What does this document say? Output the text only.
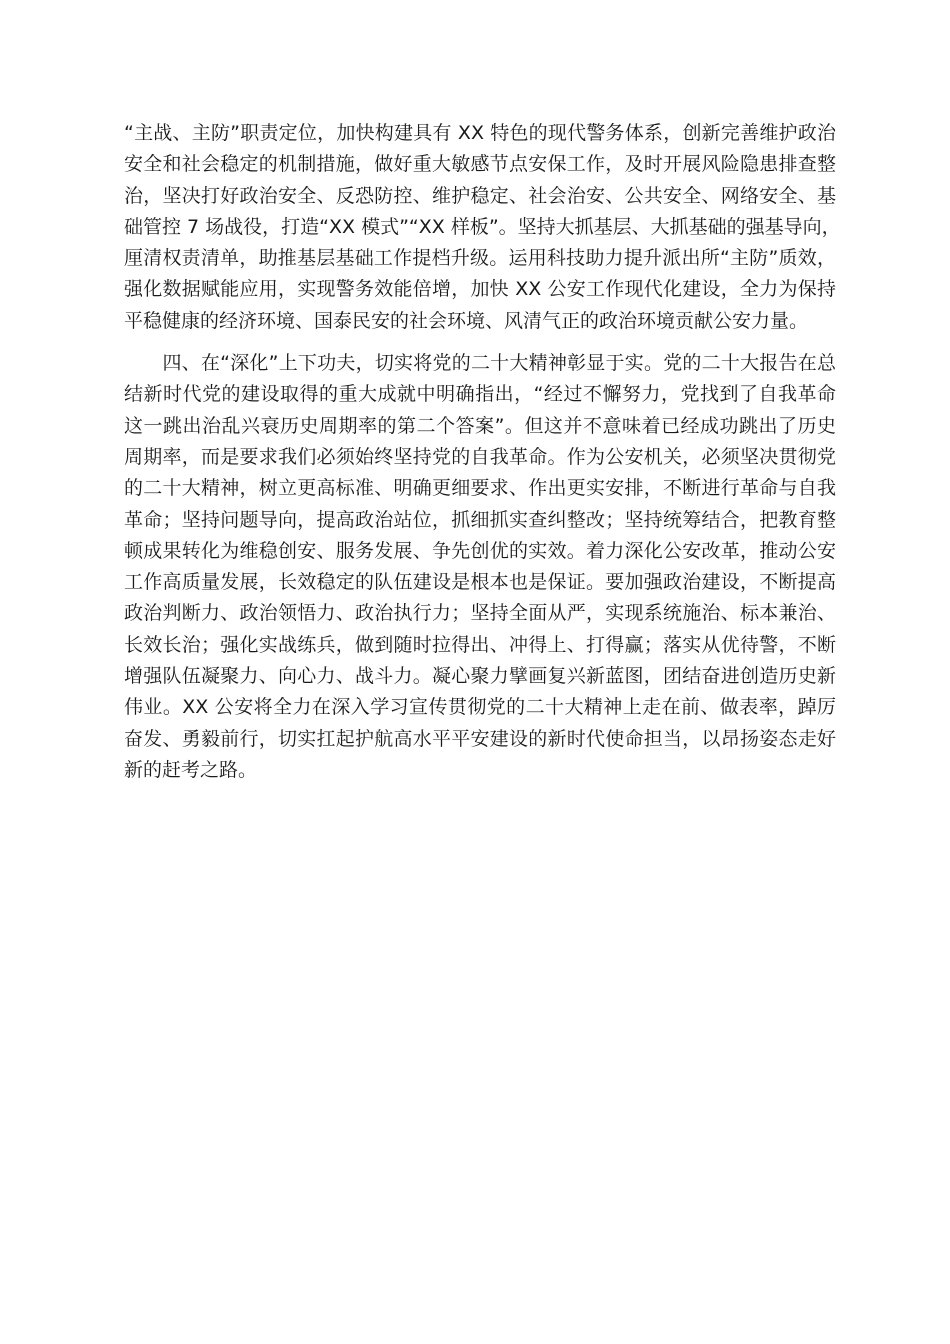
“主战、主防”职责定位，加快构建具有 XX 特色的现代警务体系，创新完善维护政治
安全和社会稳定的机制措施，做好重大敏感节点安保工作，及时开展风险隐患排查整
治，坚决打好政治安全、反恐防控、维护稳定、社会治安、公共安全、网络安全、基
础管控 7 场战役，打造“XX 模式”“XX 样板”。坚持大抓基层、大抓基础的强基导向，
厘清权责清单，助推基层基础工作提档升级。运用科技助力提升派出所“主防”质效，
强化数据赋能应用，实现警务效能倍增，加快 XX 公安工作现代化建设，全力为保持
平稳健康的经济环境、国泰民安的社会环境、风清气正的政治环境贡献公安力量。
　　四、在“深化”上下功夫，切实将党的二十大精神彰显于实。党的二十大报告在总
结新时代党的建设取得的重大成就中明确指出，“经过不懈努力，党找到了自我革命
这一跳出治乱兴衰历史周期率的第二个答案”。但这并不意味着已经成功跳出了历史
周期率，而是要求我们必须始终坚持党的自我革命。作为公安机关，必须坚决贯彻党
的二十大精神，树立更高标准、明确更细要求、作出更实安排，不断进行革命与自我
革命；坚持问题导向，提高政治站位，抓细抓实查纠整改；坚持统筹结合，把教育整
顿成果转化为维稳创安、服务发展、争先创优的实效。着力深化公安改革，推动公安
工作高质量发展，长效稳定的队伍建设是根本也是保证。要加强政治建设，不断提高
政治判断力、政治领悟力、政治执行力；坚持全面从严，实现系统施治、标本兼治、
长效长治；强化实战练兵，做到随时拉得出、冲得上、打得赢；落实从优待警，不断
增强队伍凝聚力、向心力、战斗力。凝心聚力擘画复兴新蓝图，团结奋进创造历史新
伟业。XX 公安将全力在深入学习宣传贯彻党的二十大精神上走在前、做表率，踔厉
奋发、勇毅前行，切实扛起护航高水平平安建设的新时代使命担当，以昂扬姿态走好
新的赶考之路。
